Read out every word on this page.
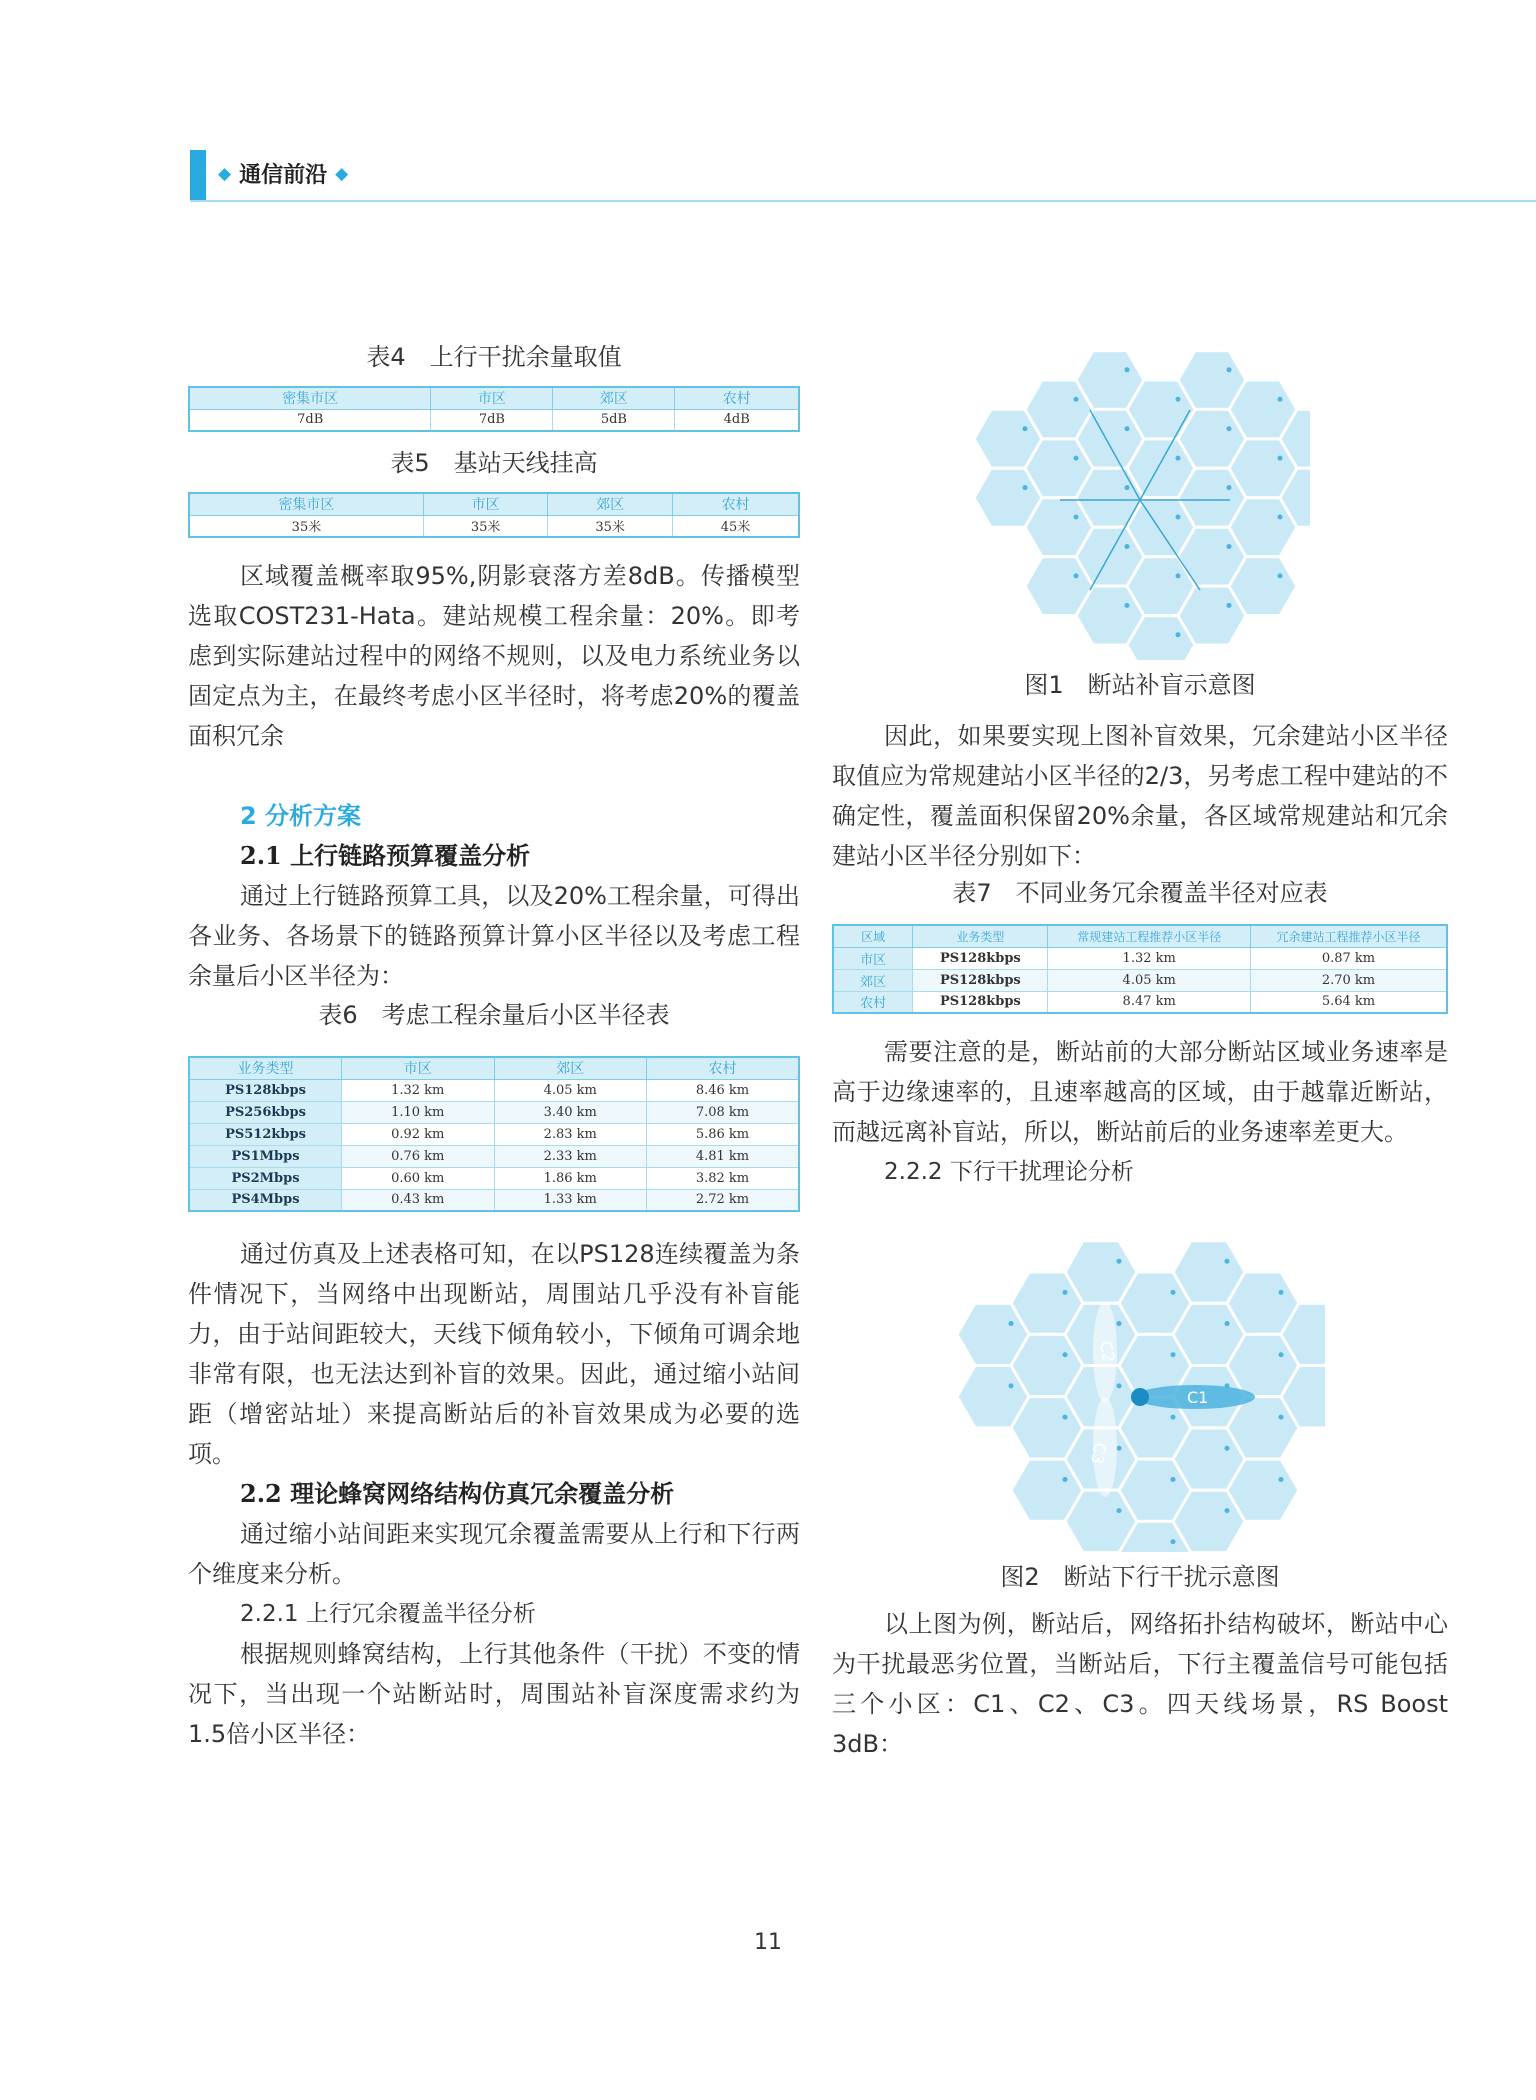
◆ 通信前沿 ◆
表4　上行干扰余量取值
密集市区	市区	郊区	农村
7dB	7dB	5dB	4dB
表5　基站天线挂高
密集市区	市区	郊区	农村
35米	35米	35米	45米

区域覆盖概率取95%,阴影衰落方差8dB。传播模型选取COST231-Hata。建站规模工程余量：20%。即考虑到实际建站过程中的网络不规则，以及电力系统业务以固定点为主，在最终考虑小区半径时，将考虑20%的覆盖面积冗余

2 分析方案
2.1 上行链路预算覆盖分析

通过上行链路预算工具，以及20%工程余量，可得出各业务、各场景下的链路预算计算小区半径以及考虑工程余量后小区半径为：

表6　考虑工程余量后小区半径表
业务类型	市区	郊区	农村
PS128kbps	1.32 km	4.05 km	8.46 km
PS256kbps	1.10 km	3.40 km	7.08 km
PS512kbps	0.92 km	2.83 km	5.86 km
PS1Mbps	0.76 km	2.33 km	4.81 km
PS2Mbps	0.60 km	1.86 km	3.82 km
PS4Mbps	0.43 km	1.33 km	2.72 km

通过仿真及上述表格可知，在以PS128连续覆盖为条件情况下，当网络中出现断站，周围站几乎没有补盲能力，由于站间距较大，天线下倾角较小，下倾角可调余地非常有限，也无法达到补盲的效果。因此，通过缩小站间距（增密站址）来提高断站后的补盲效果成为必要的选项。

2.2 理论蜂窝网络结构仿真冗余覆盖分析

通过缩小站间距来实现冗余覆盖需要从上行和下行两个维度来分析。

2.2.1 上行冗余覆盖半径分析

根据规则蜂窝结构，上行其他条件（干扰）不变的情况下，当出现一个站断站时，周围站补盲深度需求约为1.5倍小区半径：

图1　断站补盲示意图

因此，如果要实现上图补盲效果，冗余建站小区半径取值应为常规建站小区半径的2/3，另考虑工程中建站的不确定性，覆盖面积保留20%余量，各区域常规建站和冗余建站小区半径分别如下：

表7　不同业务冗余覆盖半径对应表
区域	业务类型	常规建站工程推荐小区半径	冗余建站工程推荐小区半径
市区	PS128kbps	1.32 km	0.87 km
郊区	PS128kbps	4.05 km	2.70 km
农村	PS128kbps	8.47 km	5.64 km

需要注意的是，断站前的大部分断站区域业务速率是高于边缘速率的，且速率越高的区域，由于越靠近断站，而越远离补盲站，所以，断站前后的业务速率差更大。

2.2.2 下行干扰理论分析
C1
C2
C3
图2　断站下行干扰示意图

以上图为例，断站后，网络拓扑结构破坏，断站中心为干扰最恶劣位置，当断站后，下行主覆盖信号可能包括三个小区：C1、C2、C3。四天线场景，RS Boost 3dB：

11
